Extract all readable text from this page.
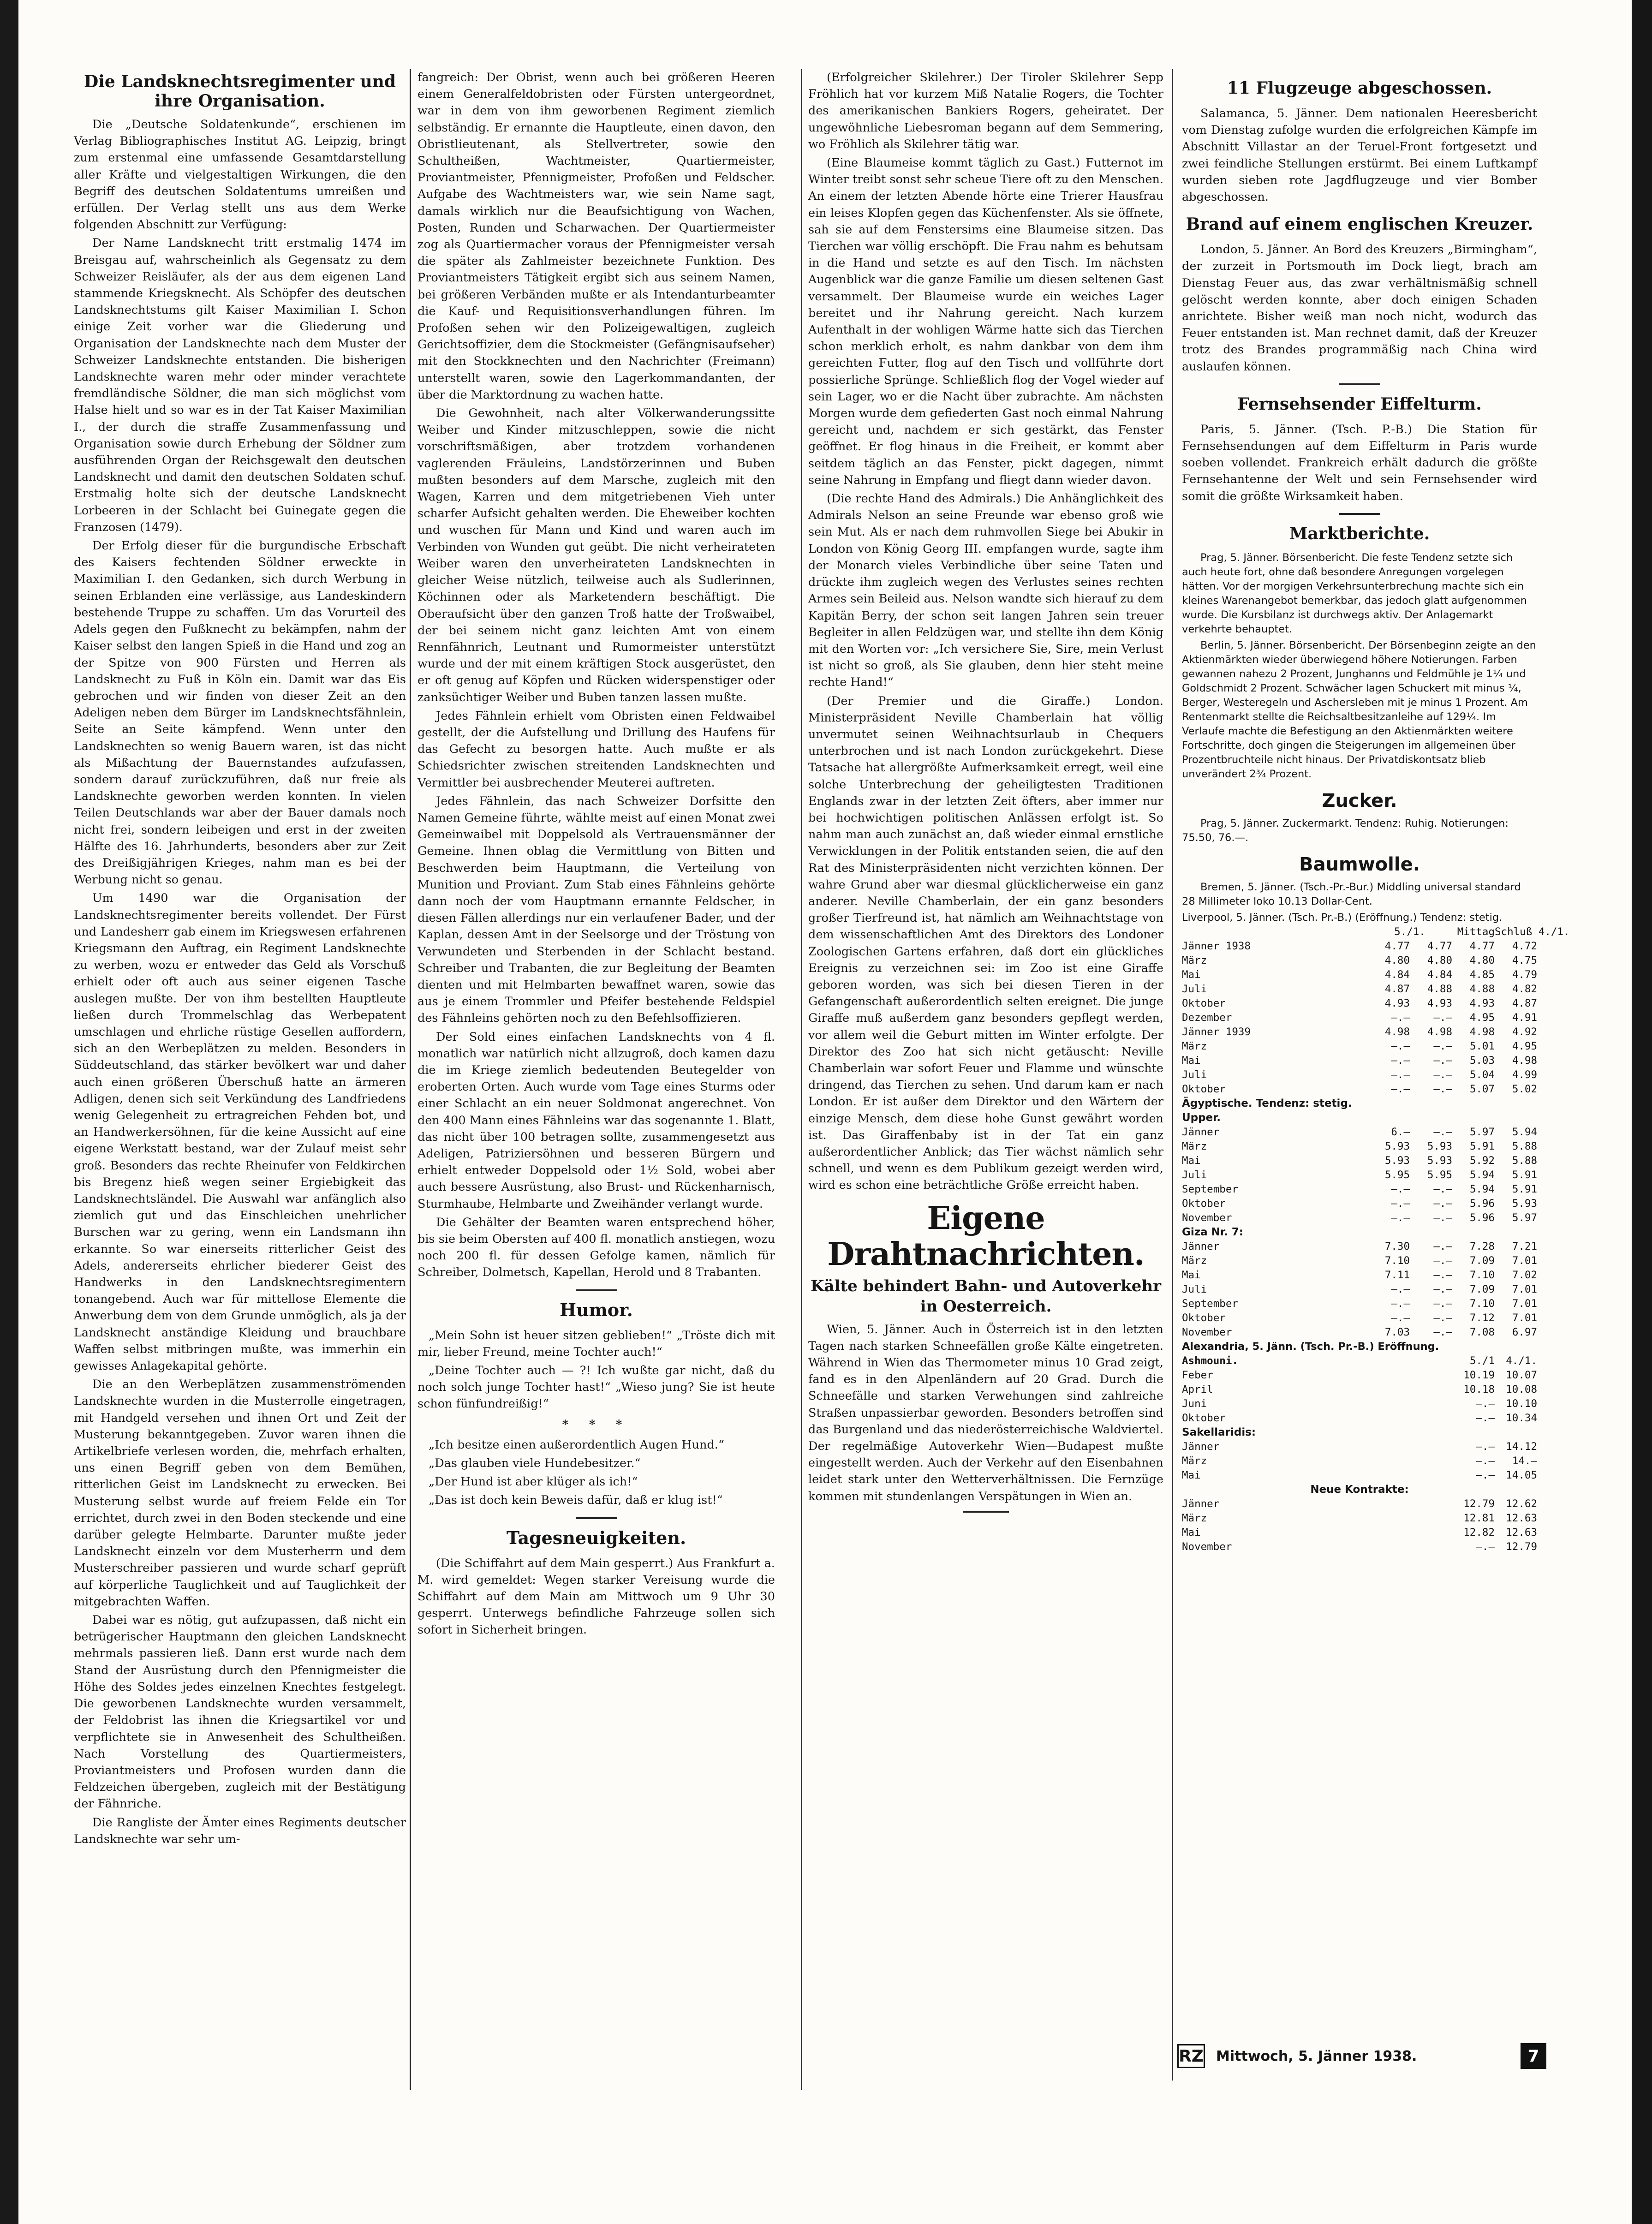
Die Landsknechtsregimenter und ihre Organisation.

Die „Deutsche Soldatenkunde“, erschienen im Verlag Bibliographisches Institut AG. Leipzig, bringt zum erstenmal eine umfassende Gesamtdarstellung aller Kräfte und vielgestaltigen Wirkungen, die den Begriff des deutschen Soldatentums umreißen und erfüllen. Der Verlag stellt uns aus dem Werke folgenden Abschnitt zur Verfügung:

Der Name Landsknecht tritt erstmalig 1474 im Breisgau auf, wahrscheinlich als Gegensatz zu dem Schweizer Reisläufer, als der aus dem eigenen Land stammende Kriegsknecht. Als Schöpfer des deutschen Landsknechtstums gilt Kaiser Maximilian I. Schon einige Zeit vorher war die Gliederung und Organisation der Landsknechte nach dem Muster der Schweizer Landsknechte entstanden. Die bisherigen Landsknechte waren mehr oder minder verachtete fremdländische Söldner, die man sich möglichst vom Halse hielt und so war es in der Tat Kaiser Maximilian I., der durch die straffe Zusammenfassung und Organisation sowie durch Erhebung der Söldner zum ausführenden Organ der Reichsgewalt den deutschen Landsknecht und damit den deutschen Soldaten schuf. Erstmalig holte sich der deutsche Landsknecht Lorbeeren in der Schlacht bei Guinegate gegen die Franzosen (1479).

Der Erfolg dieser für die burgundische Erbschaft des Kaisers fechtenden Söldner erweckte in Maximilian I. den Gedanken, sich durch Werbung in seinen Erblanden eine verlässige, aus Landeskindern bestehende Truppe zu schaffen. Um das Vorurteil des Adels gegen den Fußknecht zu bekämpfen, nahm der Kaiser selbst den langen Spieß in die Hand und zog an der Spitze von 900 Fürsten und Herren als Landsknecht zu Fuß in Köln ein. Damit war das Eis gebrochen und wir finden von dieser Zeit an den Adeligen neben dem Bürger im Landsknechtsfähnlein, Seite an Seite kämpfend. Wenn unter den Landsknechten so wenig Bauern waren, ist das nicht als Mißachtung der Bauernstandes aufzufassen, sondern darauf zurückzuführen, daß nur freie als Landsknechte geworben werden konnten. In vielen Teilen Deutschlands war aber der Bauer damals noch nicht frei, sondern leibeigen und erst in der zweiten Hälfte des 16. Jahrhunderts, besonders aber zur Zeit des Dreißigjährigen Krieges, nahm man es bei der Werbung nicht so genau.

Um 1490 war die Organisation der Landsknechtsregimenter bereits vollendet. Der Fürst und Landesherr gab einem im Kriegswesen erfahrenen Kriegsmann den Auftrag, ein Regiment Landsknechte zu werben, wozu er entweder das Geld als Vorschuß erhielt oder oft auch aus seiner eigenen Tasche auslegen mußte. Der von ihm bestellten Hauptleute ließen durch Trommelschlag das Werbepatent umschlagen und ehrliche rüstige Gesellen auffordern, sich an den Werbeplätzen zu melden. Besonders in Süddeutschland, das stärker bevölkert war und daher auch einen größeren Überschuß hatte an ärmeren Adligen, denen sich seit Verkündung des Landfriedens wenig Gelegenheit zu ertragreichen Fehden bot, und an Handwerkersöhnen, für die keine Aussicht auf eine eigene Werkstatt bestand, war der Zulauf meist sehr groß. Besonders das rechte Rheinufer von Feldkirchen bis Bregenz hieß wegen seiner Ergiebigkeit das Landsknechtsländel. Die Auswahl war anfänglich also ziemlich gut und das Einschleichen unehrlicher Burschen war zu gering, wenn ein Landsmann ihn erkannte. So war einerseits ritterlicher Geist des Adels, andererseits ehrlicher biederer Geist des Handwerks in den Landsknechtsregimentern tonangebend. Auch war für mittellose Elemente die Anwerbung dem von dem Grunde unmöglich, als ja der Landsknecht anständige Kleidung und brauchbare Waffen selbst mitbringen mußte, was immerhin ein gewisses Anlagekapital gehörte.

Die an den Werbeplätzen zusammenströmenden Landsknechte wurden in die Musterrolle eingetragen, mit Handgeld versehen und ihnen Ort und Zeit der Musterung bekanntgegeben. Zuvor waren ihnen die Artikelbriefe verlesen worden, die, mehrfach erhalten, uns einen Begriff geben von dem Bemühen, ritterlichen Geist im Landsknecht zu erwecken. Bei Musterung selbst wurde auf freiem Felde ein Tor errichtet, durch zwei in den Boden steckende und eine darüber gelegte Helmbarte. Darunter mußte jeder Landsknecht einzeln vor dem Musterherrn und dem Musterschreiber passieren und wurde scharf geprüft auf körperliche Tauglichkeit und auf Tauglichkeit der mitgebrachten Waffen.

Dabei war es nötig, gut aufzupassen, daß nicht ein betrügerischer Hauptmann den gleichen Landsknecht mehrmals passieren ließ. Dann erst wurde nach dem Stand der Ausrüstung durch den Pfennigmeister die Höhe des Soldes jedes einzelnen Knechtes festgelegt. Die geworbenen Landsknechte wurden versammelt, der Feldobrist las ihnen die Kriegsartikel vor und verpflichtete sie in Anwesenheit des Schultheißen. Nach Vorstellung des Quartiermeisters, Proviantmeisters und Profosen wurden dann die Feldzeichen übergeben, zugleich mit der Bestätigung der Fähnriche.

Die Rangliste der Ämter eines Regiments deutscher Landsknechte war sehr um-

fangreich: Der Obrist, wenn auch bei größeren Heeren einem Generalfeldobristen oder Fürsten untergeordnet, war in dem von ihm geworbenen Regiment ziemlich selbständig. Er ernannte die Hauptleute, einen davon, den Obristlieutenant, als Stellvertreter, sowie den Schultheißen, Wachtmeister, Quartiermeister, Proviantmeister, Pfennigmeister, Profoßen und Feldscher. Aufgabe des Wachtmeisters war, wie sein Name sagt, damals wirklich nur die Beaufsichtigung von Wachen, Posten, Runden und Scharwachen. Der Quartiermeister zog als Quartiermacher voraus der Pfennigmeister versah die später als Zahlmeister bezeichnete Funktion. Des Proviantmeisters Tätigkeit ergibt sich aus seinem Namen, bei größeren Verbänden mußte er als Intendanturbeamter die Kauf- und Requisitionsverhandlungen führen. Im Profoßen sehen wir den Polizeigewaltigen, zugleich Gerichtsoffizier, dem die Stockmeister (Gefängnisaufseher) mit den Stockknechten und den Nachrichter (Freimann) unterstellt waren, sowie den Lagerkommandanten, der über die Marktordnung zu wachen hatte.

Die Gewohnheit, nach alter Völkerwanderungssitte Weiber und Kinder mitzuschleppen, sowie die nicht vorschriftsmäßigen, aber trotzdem vorhandenen vaglerenden Fräuleins, Landstörzerinnen und Buben mußten besonders auf dem Marsche, zugleich mit den Wagen, Karren und dem mitgetriebenen Vieh unter scharfer Aufsicht gehalten werden. Die Eheweiber kochten und wuschen für Mann und Kind und waren auch im Verbinden von Wunden gut geübt. Die nicht verheirateten Weiber waren den unverheirateten Landsknechten in gleicher Weise nützlich, teilweise auch als Sudlerinnen, Köchinnen oder als Marketendern beschäftigt. Die Oberaufsicht über den ganzen Troß hatte der Troßwaibel, der bei seinem nicht ganz leichten Amt von einem Rennfähnrich, Leutnant und Rumormeister unterstützt wurde und der mit einem kräftigen Stock ausgerüstet, den er oft genug auf Köpfen und Rücken widerspenstiger oder zanksüchtiger Weiber und Buben tanzen lassen mußte.

Jedes Fähnlein erhielt vom Obristen einen Feldwaibel gestellt, der die Aufstellung und Drillung des Haufens für das Gefecht zu besorgen hatte. Auch mußte er als Schiedsrichter zwischen streitenden Landsknechten und Vermittler bei ausbrechender Meuterei auftreten.

Jedes Fähnlein, das nach Schweizer Dorfsitte den Namen Gemeine führte, wählte meist auf einen Monat zwei Gemeinwaibel mit Doppelsold als Vertrauensmänner der Gemeine. Ihnen oblag die Vermittlung von Bitten und Beschwerden beim Hauptmann, die Verteilung von Munition und Proviant. Zum Stab eines Fähnleins gehörte dann noch der vom Hauptmann ernannte Feldscher, in diesen Fällen allerdings nur ein verlaufener Bader, und der Kaplan, dessen Amt in der Seelsorge und der Tröstung von Verwundeten und Sterbenden in der Schlacht bestand. Schreiber und Trabanten, die zur Begleitung der Beamten dienten und mit Helmbarten bewaffnet waren, sowie das aus je einem Trommler und Pfeifer bestehende Feldspiel des Fähnleins gehörten noch zu den Befehlsoffizieren.

Der Sold eines einfachen Landsknechts von 4 fl. monatlich war natürlich nicht allzugroß, doch kamen dazu die im Kriege ziemlich bedeutenden Beutegelder von eroberten Orten. Auch wurde vom Tage eines Sturms oder einer Schlacht an ein neuer Soldmonat angerechnet. Von den 400 Mann eines Fähnleins war das sogenannte 1. Blatt, das nicht über 100 betragen sollte, zusammengesetzt aus Adeligen, Patriziersöhnen und besseren Bürgern und erhielt entweder Doppelsold oder 1½ Sold, wobei aber auch bessere Ausrüstung, also Brust- und Rückenharnisch, Sturmhaube, Helmbarte und Zweihänder verlangt wurde.

Die Gehälter der Beamten waren entsprechend höher, bis sie beim Obersten auf 400 fl. monatlich anstiegen, wozu noch 200 fl. für dessen Gefolge kamen, nämlich für Schreiber, Dolmetsch, Kapellan, Herold und 8 Trabanten.

Humor.

„Mein Sohn ist heuer sitzen geblieben!“ „Tröste dich mit mir, lieber Freund, meine Tochter auch!“

„Deine Tochter auch — ?! Ich wußte gar nicht, daß du noch solch junge Tochter hast!“ „Wieso jung? Sie ist heute schon fünfundreißig!“

* * *

„Ich besitze einen außerordentlich Augen Hund.“

„Das glauben viele Hundebesitzer.“

„Der Hund ist aber klüger als ich!“

„Das ist doch kein Beweis dafür, daß er klug ist!“

Tagesneuigkeiten.

(Die Schiffahrt auf dem Main gesperrt.) Aus Frankfurt a. M. wird gemeldet: Wegen starker Vereisung wurde die Schiffahrt auf dem Main am Mittwoch um 9 Uhr 30 gesperrt. Unterwegs befindliche Fahrzeuge sollen sich sofort in Sicherheit bringen.

(Erfolgreicher Skilehrer.) Der Tiroler Skilehrer Sepp Fröhlich hat vor kurzem Miß Natalie Rogers, die Tochter des amerikanischen Bankiers Rogers, geheiratet. Der ungewöhnliche Liebesroman begann auf dem Semmering, wo Fröhlich als Skilehrer tätig war.

(Eine Blaumeise kommt täglich zu Gast.) Futternot im Winter treibt sonst sehr scheue Tiere oft zu den Menschen. An einem der letzten Abende hörte eine Trierer Hausfrau ein leises Klopfen gegen das Küchenfenster. Als sie öffnete, sah sie auf dem Fenstersims eine Blaumeise sitzen. Das Tierchen war völlig erschöpft. Die Frau nahm es behutsam in die Hand und setzte es auf den Tisch. Im nächsten Augenblick war die ganze Familie um diesen seltenen Gast versammelt. Der Blaumeise wurde ein weiches Lager bereitet und ihr Nahrung gereicht. Nach kurzem Aufenthalt in der wohligen Wärme hatte sich das Tierchen schon merklich erholt, es nahm dankbar von dem ihm gereichten Futter, flog auf den Tisch und vollführte dort possierliche Sprünge. Schließlich flog der Vogel wieder auf sein Lager, wo er die Nacht über zubrachte. Am nächsten Morgen wurde dem gefiederten Gast noch einmal Nahrung gereicht und, nachdem er sich gestärkt, das Fenster geöffnet. Er flog hinaus in die Freiheit, er kommt aber seitdem täglich an das Fenster, pickt dagegen, nimmt seine Nahrung in Empfang und fliegt dann wieder davon.

(Die rechte Hand des Admirals.) Die Anhänglichkeit des Admirals Nelson an seine Freunde war ebenso groß wie sein Mut. Als er nach dem ruhmvollen Siege bei Abukir in London von König Georg III. empfangen wurde, sagte ihm der Monarch vieles Verbindliche über seine Taten und drückte ihm zugleich wegen des Verlustes seines rechten Armes sein Beileid aus. Nelson wandte sich hierauf zu dem Kapitän Berry, der schon seit langen Jahren sein treuer Begleiter in allen Feldzügen war, und stellte ihn dem König mit den Worten vor: „Ich versichere Sie, Sire, mein Verlust ist nicht so groß, als Sie glauben, denn hier steht meine rechte Hand!“

(Der Premier und die Giraffe.) London. Ministerpräsident Neville Chamberlain hat völlig unvermutet seinen Weihnachtsurlaub in Chequers unterbrochen und ist nach London zurückgekehrt. Diese Tatsache hat allergrößte Aufmerksamkeit erregt, weil eine solche Unterbrechung der geheiligtesten Traditionen Englands zwar in der letzten Zeit öfters, aber immer nur bei hochwichtigen politischen Anlässen erfolgt ist. So nahm man auch zunächst an, daß wieder einmal ernstliche Verwicklungen in der Politik entstanden seien, die auf den Rat des Ministerpräsidenten nicht verzichten können. Der wahre Grund aber war diesmal glücklicherweise ein ganz anderer. Neville Chamberlain, der ein ganz besonders großer Tierfreund ist, hat nämlich am Weihnachtstage von dem wissenschaftlichen Amt des Direktors des Londoner Zoologischen Gartens erfahren, daß dort ein glückliches Ereignis zu verzeichnen sei: im Zoo ist eine Giraffe geboren worden, was sich bei diesen Tieren in der Gefangenschaft außerordentlich selten ereignet. Die junge Giraffe muß außerdem ganz besonders gepflegt werden, vor allem weil die Geburt mitten im Winter erfolgte. Der Direktor des Zoo hat sich nicht getäuscht: Neville Chamberlain war sofort Feuer und Flamme und wünschte dringend, das Tierchen zu sehen. Und darum kam er nach London. Er ist außer dem Direktor und den Wärtern der einzige Mensch, dem diese hohe Gunst gewährt worden ist. Das Giraffenbaby ist in der Tat ein ganz außerordentlicher Anblick; das Tier wächst nämlich sehr schnell, und wenn es dem Publikum gezeigt werden wird, wird es schon eine beträchtliche Größe erreicht haben.

Eigene Drahtnachrichten.
Kälte behindert Bahn- und Autoverkehr in Oesterreich.

Wien, 5. Jänner. Auch in Österreich ist in den letzten Tagen nach starken Schneefällen große Kälte eingetreten. Während in Wien das Thermometer minus 10 Grad zeigt, fand es in den Alpenländern auf 20 Grad. Durch die Schneefälle und starken Verwehungen sind zahlreiche Straßen unpassierbar geworden. Besonders betroffen sind das Burgenland und das niederösterreichische Waldviertel. Der regelmäßige Autoverkehr Wien—Budapest mußte eingestellt werden. Auch der Verkehr auf den Eisenbahnen leidet stark unter den Wetterverhältnissen. Die Fernzüge kommen mit stundenlangen Verspätungen in Wien an.

11 Flugzeuge abgeschossen.

Salamanca, 5. Jänner. Dem nationalen Heeresbericht vom Dienstag zufolge wurden die erfolgreichen Kämpfe im Abschnitt Villastar an der Teruel-Front fortgesetzt und zwei feindliche Stellungen erstürmt. Bei einem Luftkampf wurden sieben rote Jagdflugzeuge und vier Bomber abgeschossen.

Brand auf einem englischen Kreuzer.

London, 5. Jänner. An Bord des Kreuzers „Birmingham“, der zurzeit in Portsmouth im Dock liegt, brach am Dienstag Feuer aus, das zwar verhältnismäßig schnell gelöscht werden konnte, aber doch einigen Schaden anrichtete. Bisher weiß man noch nicht, wodurch das Feuer entstanden ist. Man rechnet damit, daß der Kreuzer trotz des Brandes programmäßig nach China wird auslaufen können.

Fernsehsender Eiffelturm.

Paris, 5. Jänner. (Tsch. P.-B.) Die Station für Fernsehsendungen auf dem Eiffelturm in Paris wurde soeben vollendet. Frankreich erhält dadurch die größte Fernsehantenne der Welt und sein Fernsehsender wird somit die größte Wirksamkeit haben.

Marktberichte.

Prag, 5. Jänner. Börsenbericht. Die feste Tendenz setzte sich auch heute fort, ohne daß besondere Anregungen vorgelegen hätten. Vor der morgigen Verkehrsunterbrechung machte sich ein kleines Warenangebot bemerkbar, das jedoch glatt aufgenommen wurde. Die Kursbilanz ist durchwegs aktiv. Der Anlagemarkt verkehrte behauptet.

Berlin, 5. Jänner. Börsenbericht. Der Börsenbeginn zeigte an den Aktienmärkten wieder überwiegend höhere Notierungen. Farben gewannen nahezu 2 Prozent, Junghanns und Feldmühle je 1¼ und Goldschmidt 2 Prozent. Schwächer lagen Schuckert mit minus ¼, Berger, Westeregeln und Aschersleben mit je minus 1 Prozent. Am Rentenmarkt stellte die Reichsaltbesitzanleihe auf 129¼. Im Verlaufe machte die Befestigung an den Aktienmärkten weitere Fortschritte, doch gingen die Steigerungen im allgemeinen über Prozentbruchteile nicht hinaus. Der Privatdiskontsatz blieb unverändert 2¾ Prozent.

Zucker.

Prag, 5. Jänner. Zuckermarkt. Tendenz: Ruhig. Notierungen: 75.50, 76.—.

Baumwolle.

Bremen, 5. Jänner. (Tsch.-Pr.-Bur.) Middling universal standard 28 Millimeter loko 10.13 Dollar-Cent.

Liverpool, 5. Jänner. (Tsch. Pr.-B.) (Eröffnung.) Tendenz: stetig.
5./1.	Mittag Schluß 4./1.
Jänner 1938	4.77	4.77	4.77	4.72
März	4.80	4.80	4.80	4.75
Mai	4.84	4.84	4.85	4.79
Juli	4.87	4.88	4.88	4.82
Oktober	4.93	4.93	4.93	4.87
Dezember	—.—	—.—	4.95	4.91
Jänner 1939	4.98	4.98	4.98	4.92
März	—.—	—.—	5.01	4.95
Mai	—.—	—.—	5.03	4.98
Juli	—.—	—.—	5.04	4.99
Oktober	—.—	—.—	5.07	5.02
Ägyptische. Tendenz: stetig.
Upper.
Jänner	6.—	—.—	5.97	5.94
März	5.93	5.93	5.91	5.88
Mai	5.93	5.93	5.92	5.88
Juli	5.95	5.95	5.94	5.91
September	—.—	—.—	5.94	5.91
Oktober	—.—	—.—	5.96	5.93
November	—.—	—.—	5.96	5.97
Giza Nr. 7:
Jänner	7.30	—.—	7.28	7.21
März	7.10	—.—	7.09	7.01
Mai	7.11	—.—	7.10	7.02
Juli	—.—	—.—	7.09	7.01
September	—.—	—.—	7.10	7.01
Oktober	—.—	—.—	7.12	7.01
November	7.03	—.—	7.08	6.97
Alexandria, 5. Jänn. (Tsch. Pr.-B.) Eröffnung.
Ashmouni.	5./1	4./1.
Feber	10.19	10.07
April	10.18	10.08
Juni	—.—	10.10
Oktober	—.—	10.34
Sakellaridis:
Jänner	—.—	14.12
März	—.—	14.—
Mai	—.—	14.05
Neue Kontrakte:
Jänner	12.79	12.62
März	12.81	12.63
Mai	12.82	12.63
November	—.—	12.79
RZ Mittwoch, 5. Jänner 1938.	7
